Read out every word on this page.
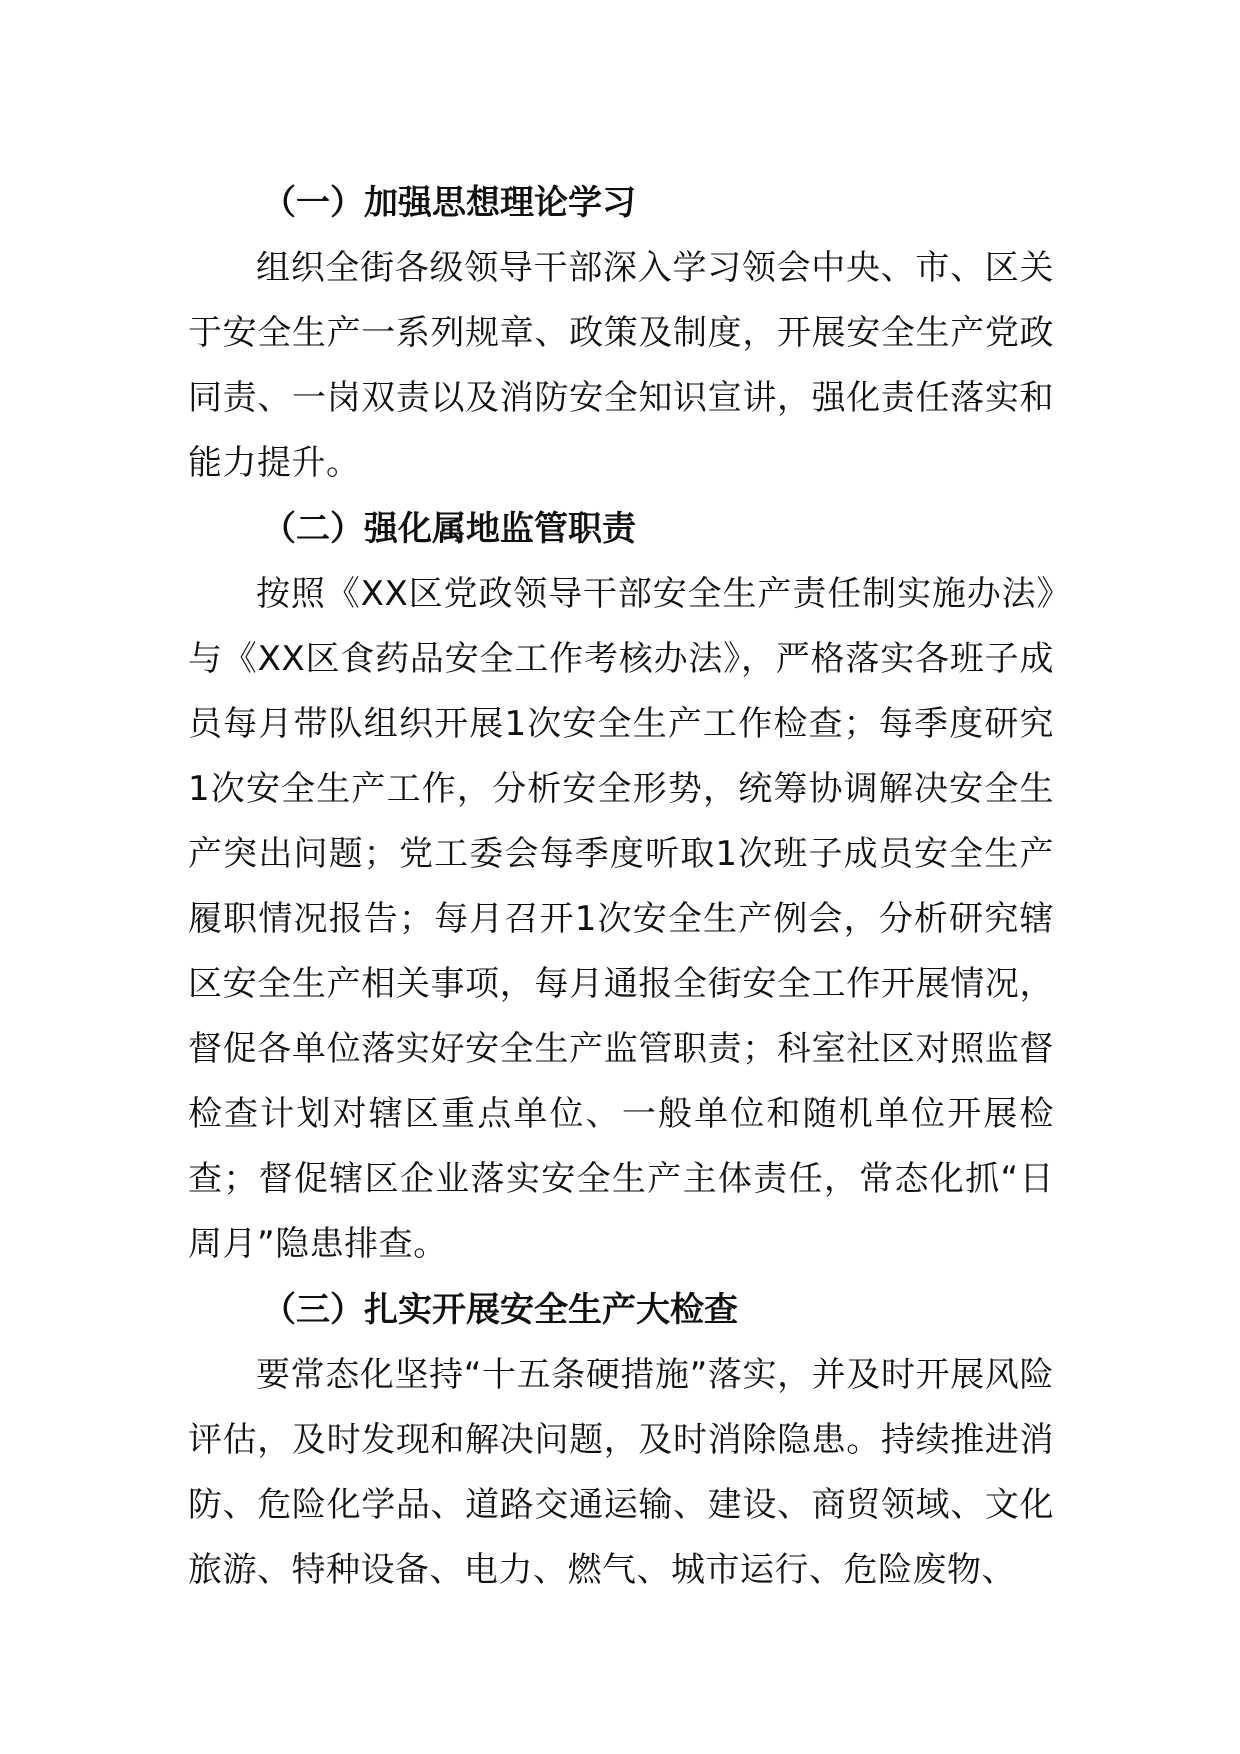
（一）加强思想理论学习

组织全街各级领导干部深入学习领会中央、市、区关于安全生产一系列规章、政策及制度，开展安全生产党政同责、一岗双责以及消防安全知识宣讲，强化责任落实和能力提升。

（二）强化属地监管职责

按照《XX区党政领导干部安全生产责任制实施办法》与《XX区食药品安全工作考核办法》，严格落实各班子成员每月带队组织开展1次安全生产工作检查；每季度研究1次安全生产工作，分析安全形势，统筹协调解决安全生产突出问题；党工委会每季度听取1次班子成员安全生产履职情况报告；每月召开1次安全生产例会，分析研究辖区安全生产相关事项，每月通报全街安全工作开展情况，督促各单位落实好安全生产监管职责；科室社区对照监督检查计划对辖区重点单位、一般单位和随机单位开展检查；督促辖区企业落实安全生产主体责任，常态化抓“日周月”隐患排查。

（三）扎实开展安全生产大检查

要常态化坚持“十五条硬措施”落实，并及时开展风险评估，及时发现和解决问题，及时消除隐患。持续推进消防、危险化学品、道路交通运输、建设、商贸领域、文化旅游、特种设备、电力、燃气、城市运行、危险废物、
